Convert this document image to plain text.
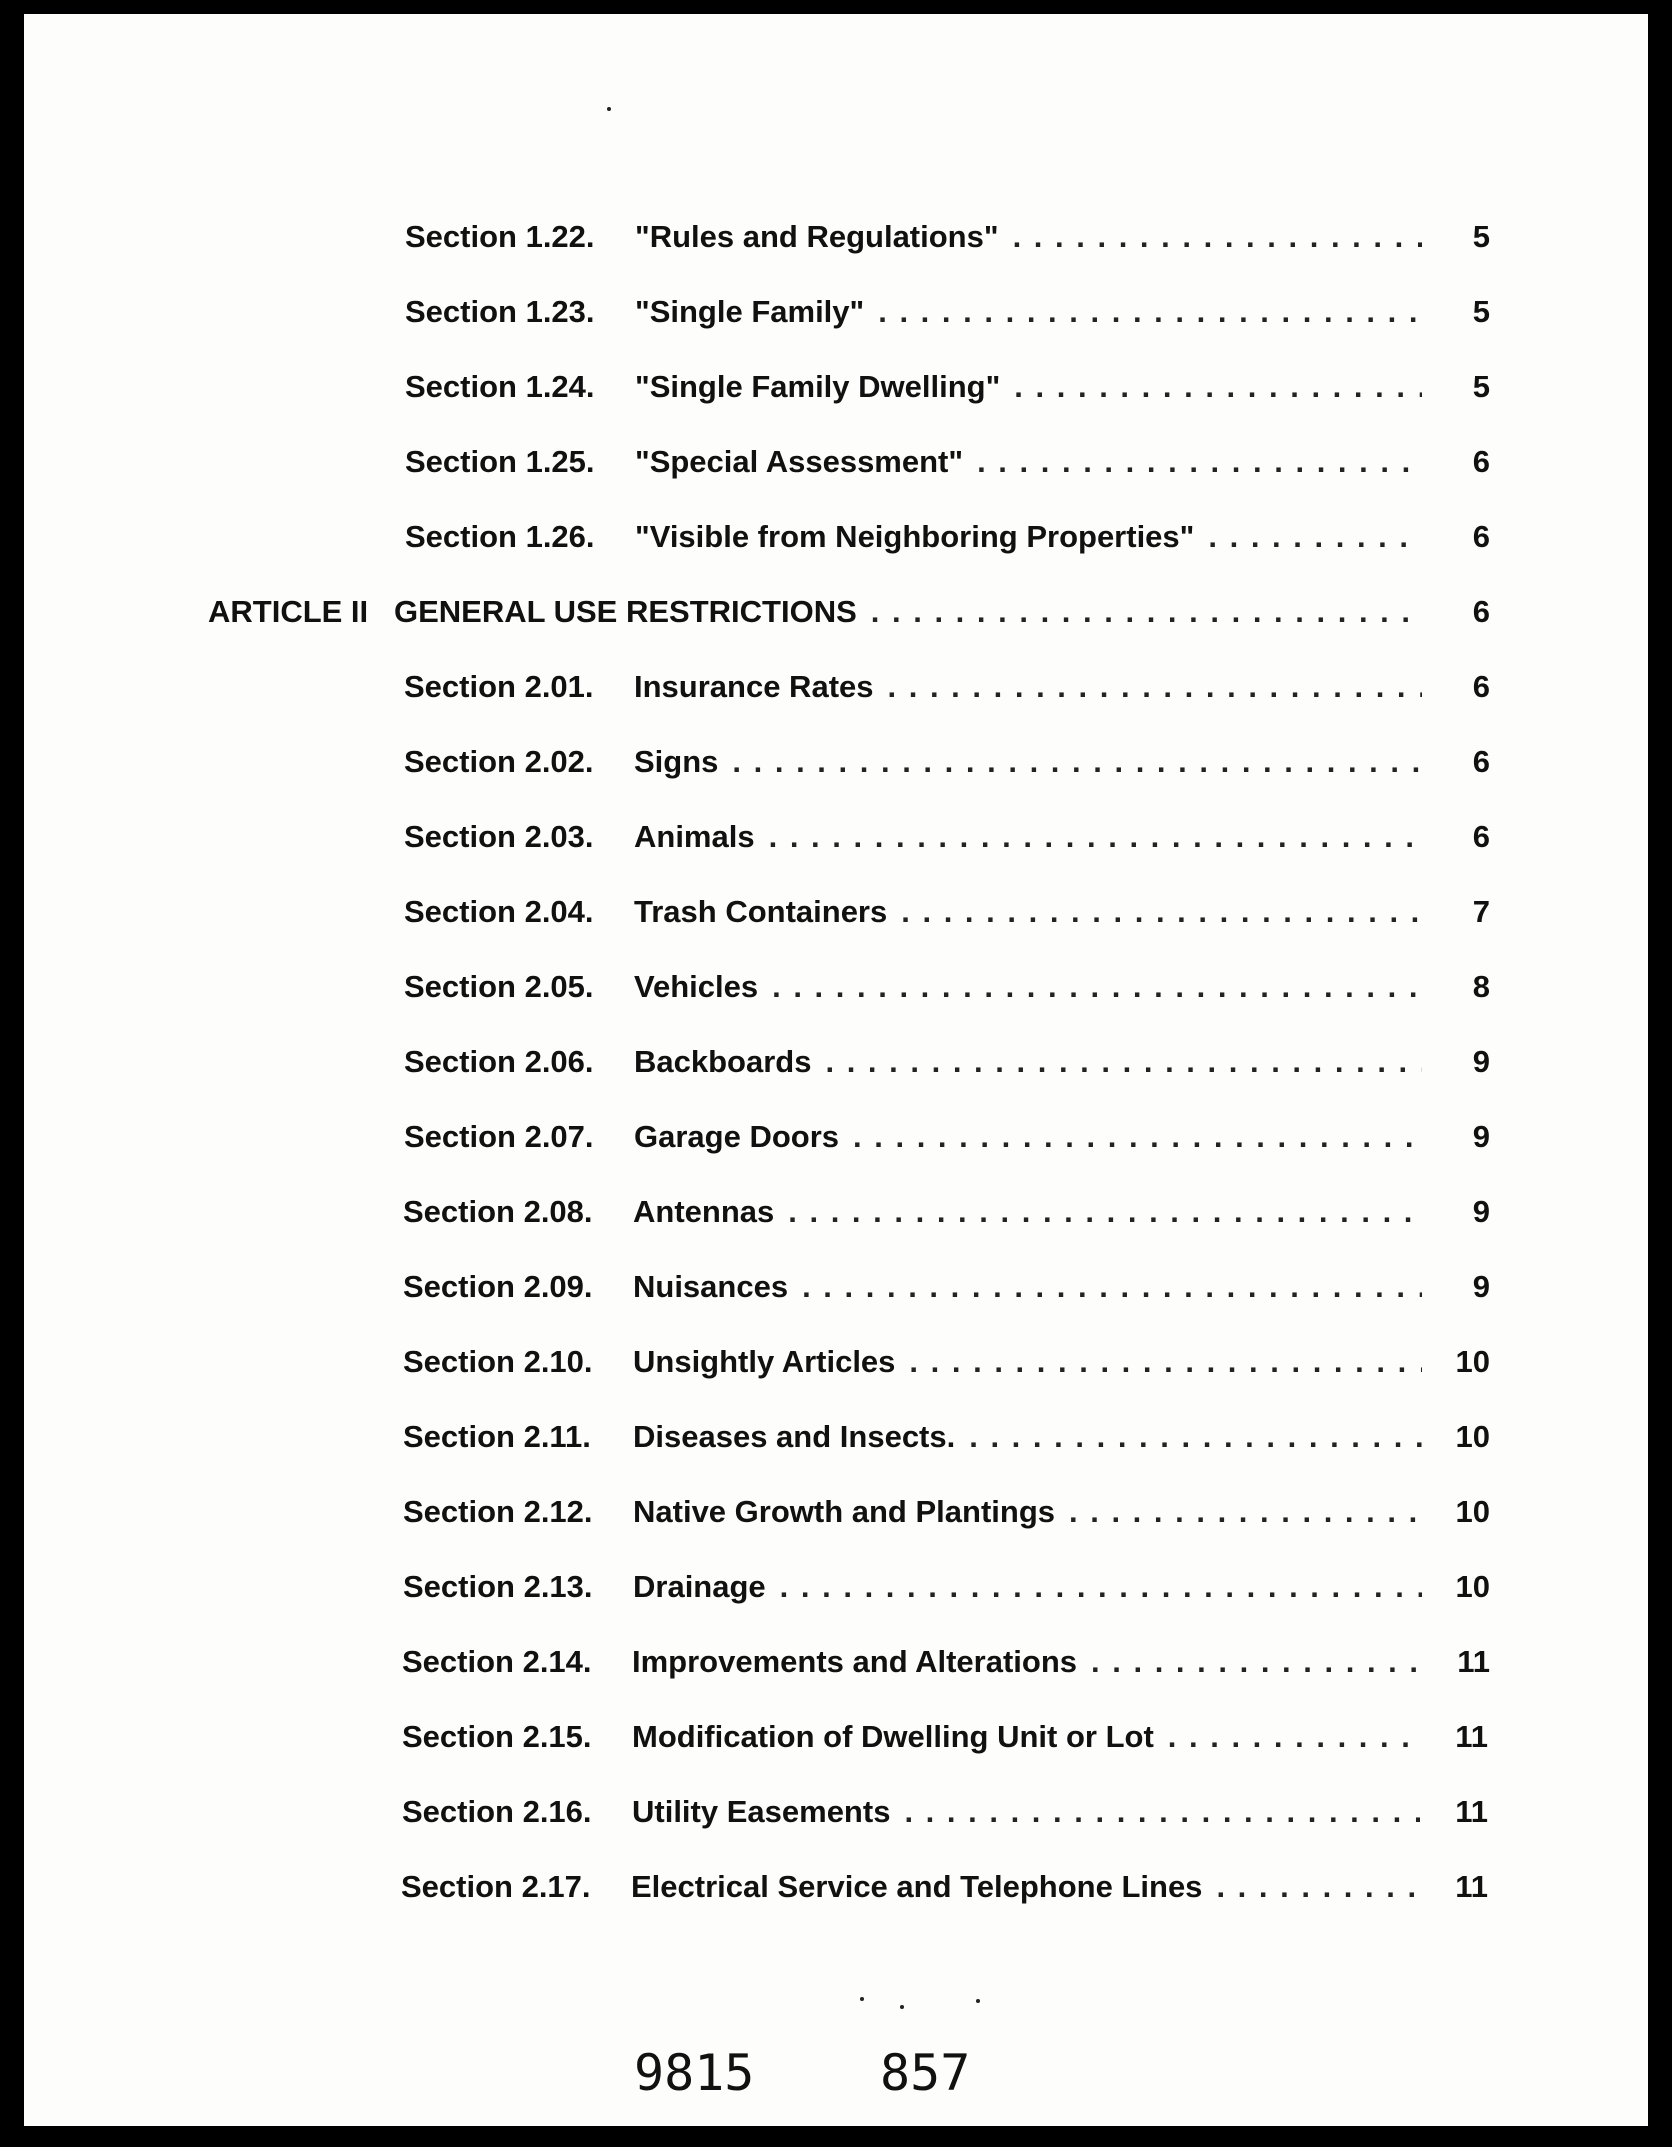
Section 1.22.	"Rules and Regulations" . . .	5
Section 1.23.	"Single Family" . . .	5
Section 1.24.	"Single Family Dwelling" . . .	5
Section 1.25.	"Special Assessment" . . .	6
Section 1.26.	"Visible from Neighboring Properties" . . .	6
ARTICLE II GENERAL USE RESTRICTIONS . . .	6
Section 2.01.	Insurance Rates . . .	6
Section 2.02.	Signs . . .	6
Section 2.03.	Animals . . .	6
Section 2.04.	Trash Containers . . .	7
Section 2.05.	Vehicles . . .	8
Section 2.06.	Backboards . . .	9
Section 2.07.	Garage Doors . . .	9
Section 2.08.	Antennas . . .	9
Section 2.09.	Nuisances . . .	9
Section 2.10.	Unsightly Articles . . .	10
Section 2.11.	Diseases and Insects. . . .	10
Section 2.12.	Native Growth and Plantings . . .	10
Section 2.13.	Drainage . . .	10
Section 2.14.	Improvements and Alterations . . .	11
Section 2.15.	Modification of Dwelling Unit or Lot . . .	11
Section 2.16.	Utility Easements . . .	11
Section 2.17.	Electrical Service and Telephone Lines . . .	11
9815	857
